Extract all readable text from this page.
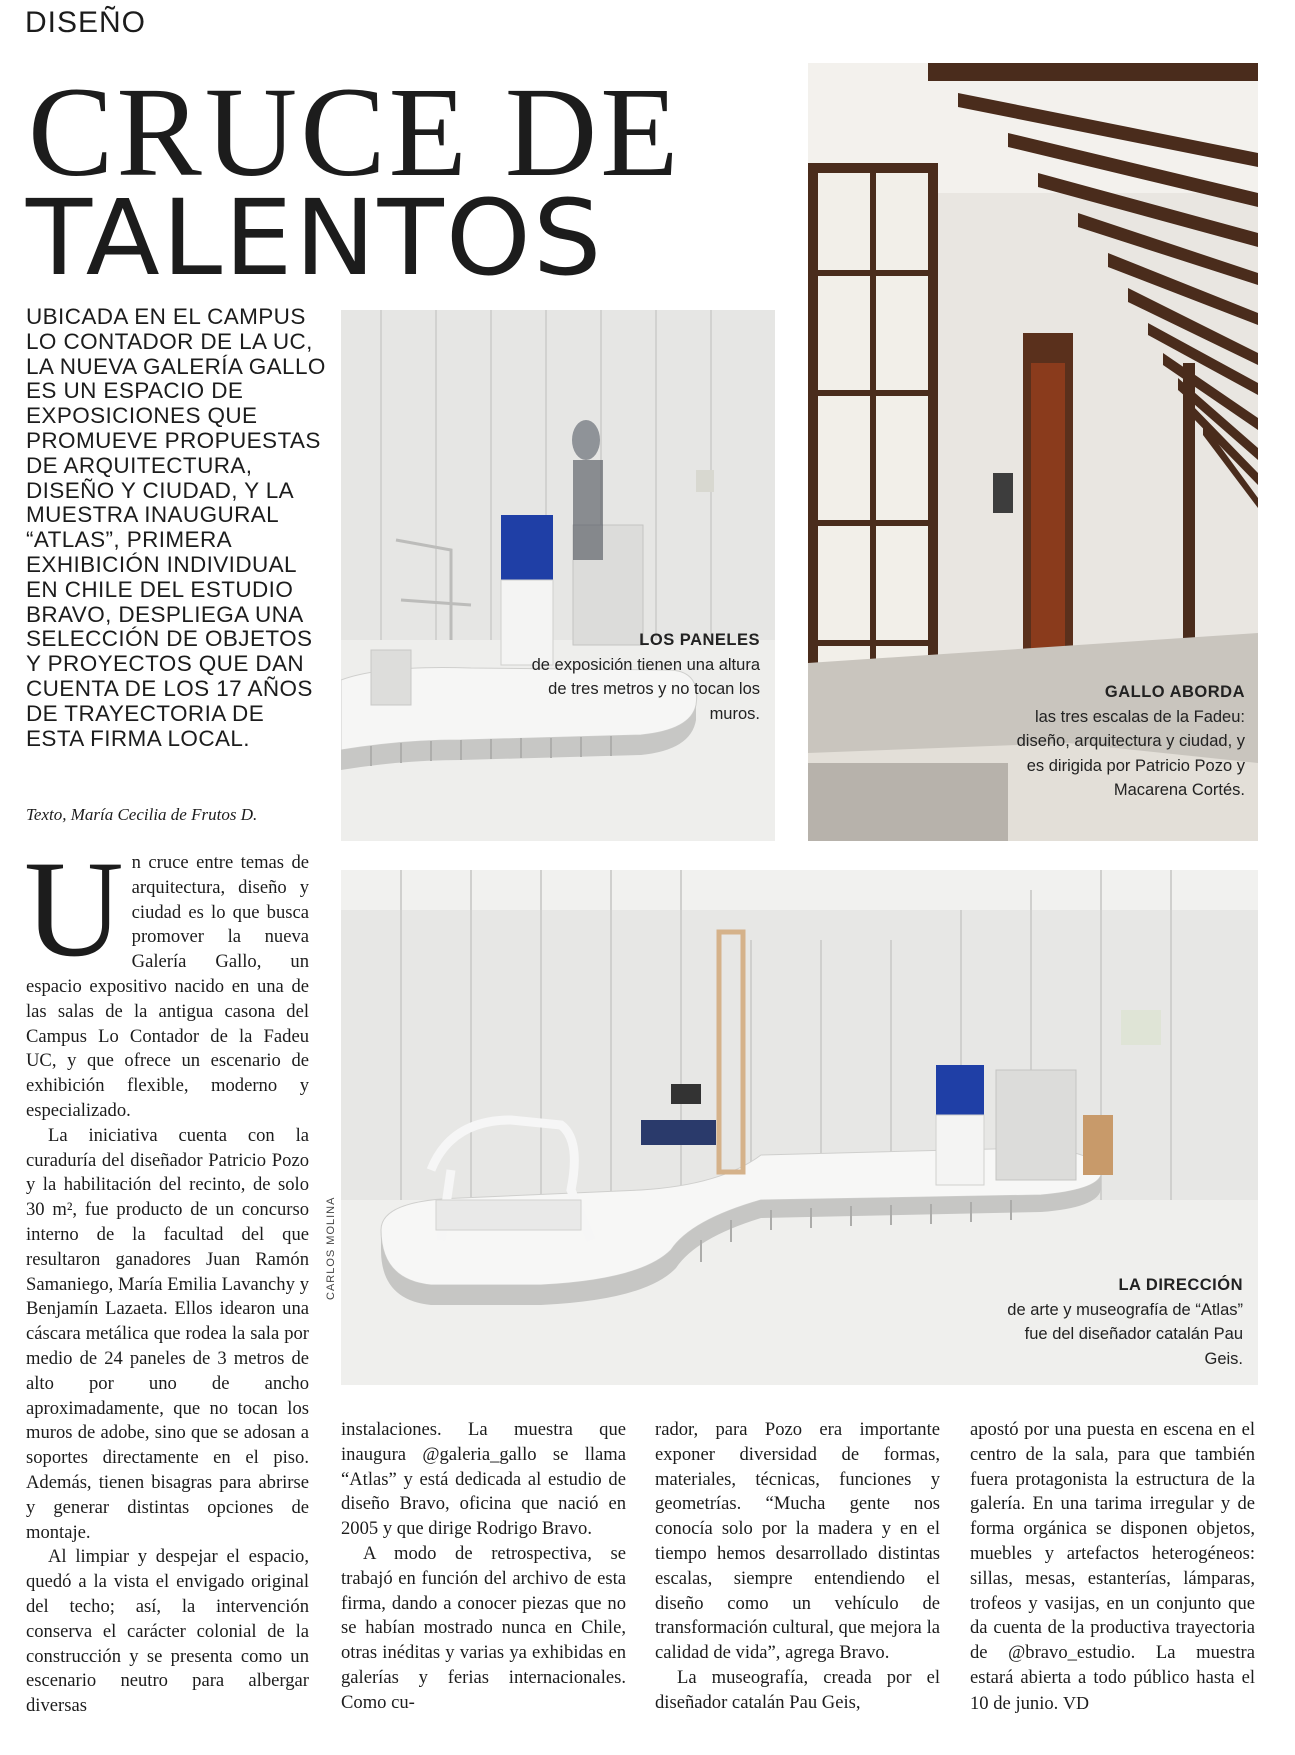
DISEÑO
CRUCE DE
TALENTOS
UBICADA EN EL CAMPUS LO CONTADOR DE LA UC, LA NUEVA GALERÍA GALLO ES UN ESPACIO DE EXPOSICIONES QUE PROMUEVE PROPUESTAS DE ARQUITECTURA, DISEÑO Y CIUDAD, Y LA MUESTRA INAUGURAL “ATLAS”, PRIMERA EXHIBICIÓN INDIVIDUAL EN CHILE DEL ESTUDIO BRAVO, DESPLIEGA UNA SELECCIÓN DE OBJETOS Y PROYECTOS QUE DAN CUENTA DE LOS 17 AÑOS DE TRAYECTORIA DE ESTA FIRMA LOCAL.
Texto, María Cecilia de Frutos D.
LOS PANELES
de exposición tienen una altura de tres metros y no tocan los muros.
GALLO ABORDA
las tres escalas de la Fadeu: diseño, arquitectura y ciudad, y es dirigida por Patricio Pozo y Macarena Cortés.
LA DIRECCIÓN
de arte y museografía de “Atlas” fue del diseñador catalán Pau Geis.
CARLOS MOLINA

Un cruce entre temas de arquitectura, diseño y ciudad es lo que busca promover la nueva Galería Gallo, un espacio expositivo nacido en una de las salas de la antigua casona del Campus Lo Contador de la Fadeu UC, y que ofrece un escenario de exhibición flexible, moderno y especializado.

La iniciativa cuenta con la curaduría del diseñador Patricio Pozo y la habilitación del recinto, de solo 30 m², fue producto de un concurso interno de la facultad del que resultaron ganadores Juan Ramón Samaniego, María Emilia Lavanchy y Benjamín Lazaeta. Ellos idearon una cáscara metálica que rodea la sala por medio de 24 paneles de 3 metros de alto por uno de ancho aproximadamente, que no tocan los muros de adobe, sino que se adosan a soportes directamente en el piso. Además, tienen bisagras para abrirse y generar distintas opciones de montaje.

Al limpiar y despejar el espacio, quedó a la vista el envigado original del techo; así, la intervención conserva el carácter colonial de la construcción y se presenta como un escenario neutro para albergar diversas

instalaciones. La muestra que inaugura @galeria_gallo se llama “Atlas” y está dedicada al estudio de diseño Bravo, oficina que nació en 2005 y que dirige Rodrigo Bravo.

A modo de retrospectiva, se trabajó en función del archivo de esta firma, dando a conocer piezas que no se habían mostrado nunca en Chile, otras inéditas y varias ya exhibidas en galerías y ferias internacionales. Como cu-

rador, para Pozo era importante exponer diversidad de formas, materiales, técnicas, funciones y geometrías. “Mucha gente nos conocía solo por la madera y en el tiempo hemos desarrollado distintas escalas, siempre entendiendo el diseño como un vehículo de transformación cultural, que mejora la calidad de vida”, agrega Bravo.

La museografía, creada por el diseñador catalán Pau Geis,

apostó por una puesta en escena en el centro de la sala, para que también fuera protagonista la estructura de la galería. En una tarima irregular y de forma orgánica se disponen objetos, muebles y artefactos heterogéneos: sillas, mesas, estanterías, lámparas, trofeos y vasijas, en un conjunto que da cuenta de la productiva trayectoria de @bravo_estudio. La muestra estará abierta a todo público hasta el 10 de junio. VD
